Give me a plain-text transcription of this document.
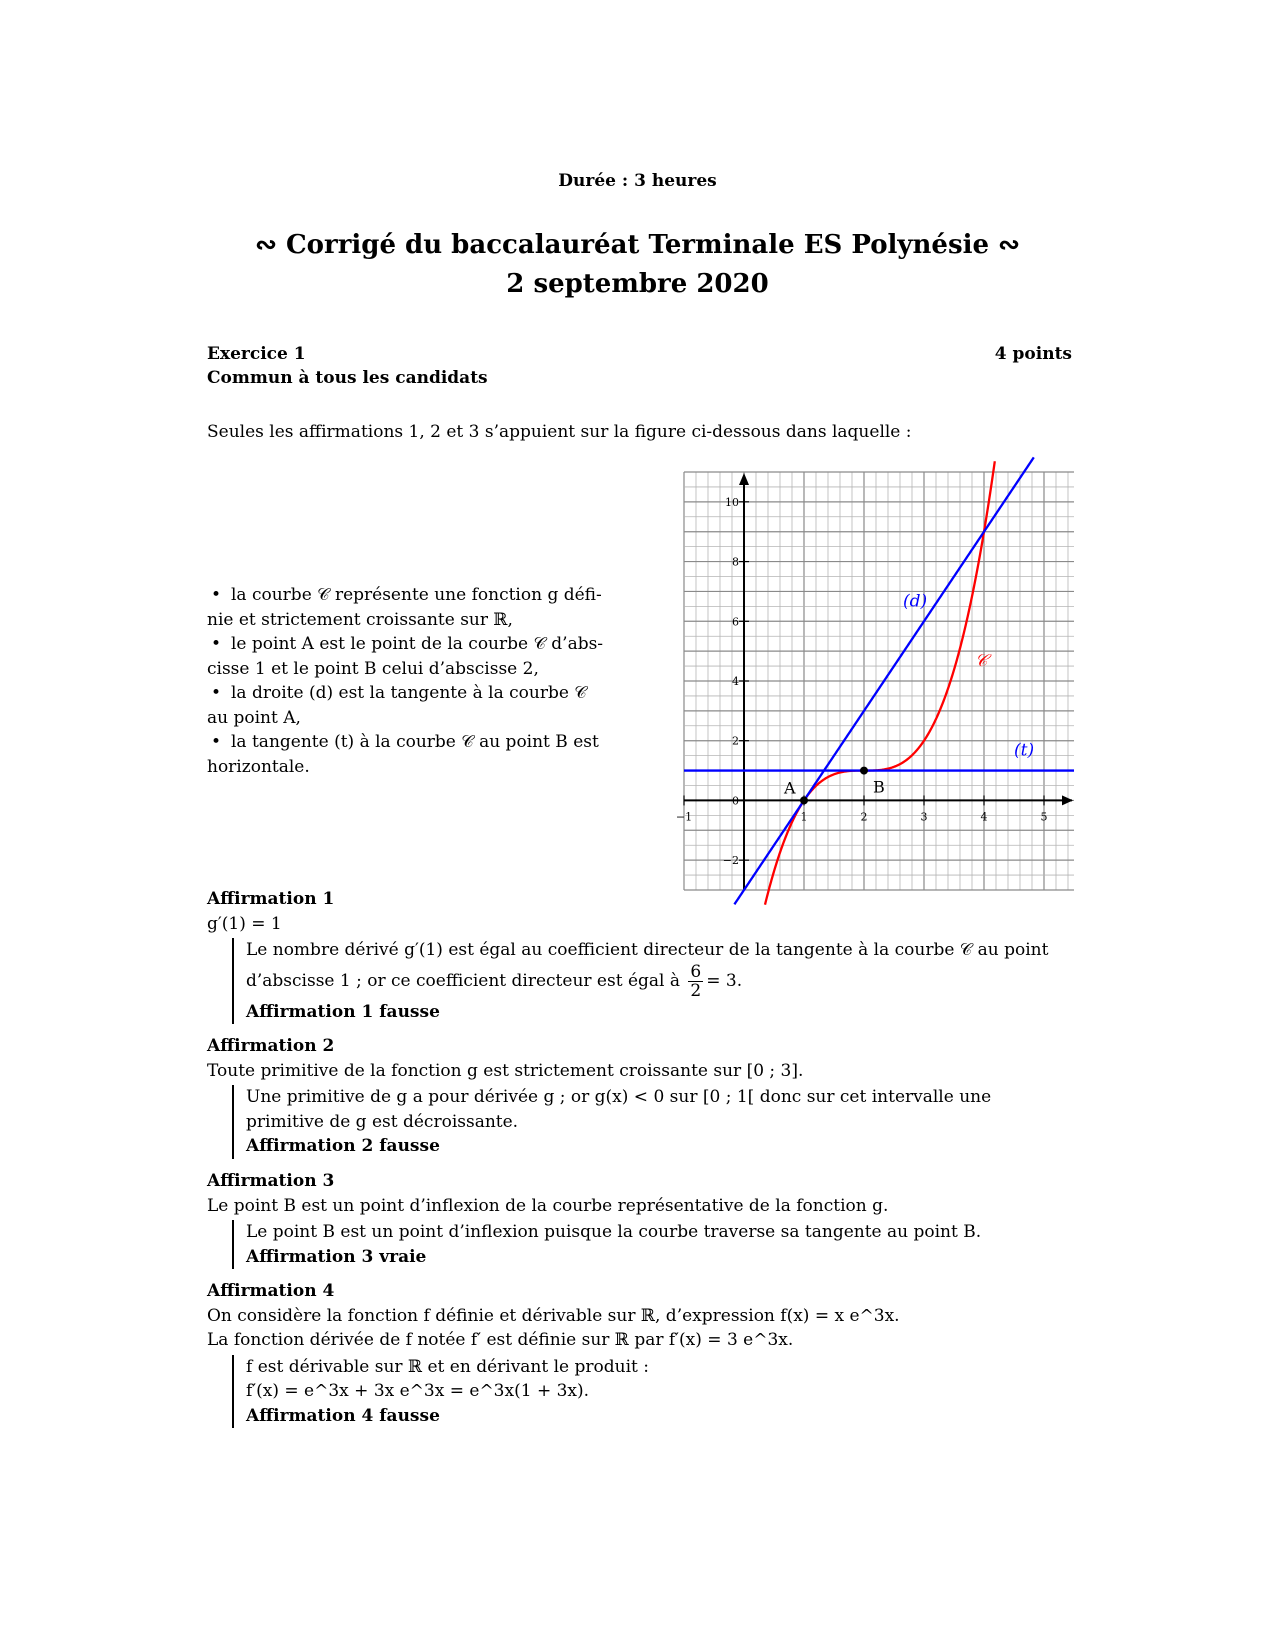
Durée : 3 heures
∾ Corrigé du baccalauréat Terminale ES Polynésie ∾
2 septembre 2020
Exercice 1	4 points
Commun à tous les candidats
Seules les affirmations 1, 2 et 3 s’appuient sur la figure ci-dessous dans laquelle :
• la courbe 𝒞 représente une fonction g défi-nie et strictement croissante sur ℝ,
• le point A est le point de la courbe 𝒞 d’abs-cisse 1 et le point B celui d’abscisse 2,
• la droite (d) est la tangente à la courbe 𝒞 au point A,
• la tangente (t) à la courbe 𝒞 au point B est horizontale.
−1	1	2	3	4	5
−2
0
2
4
6
8
10
𝒞
(d)
(t)
A	B
Affirmation 1
g′(1) = 1
Le nombre dérivé g′(1) est égal au coefficient directeur de la tangente à la courbe 𝒞 au point d’abscisse 1 ; or ce coefficient directeur est égal à $\frac{6}{2} = 3$.
Affirmation 1 fausse
Affirmation 2
Toute primitive de la fonction g est strictement croissante sur [0 ; 3].
Une primitive de g a pour dérivée g ; or g(x) < 0 sur [0 ; 1[ donc sur cet intervalle une primitive de g est décroissante.
Affirmation 2 fausse
Affirmation 3
Le point B est un point d’inflexion de la courbe représentative de la fonction g.
Le point B est un point d’inflexion puisque la courbe traverse sa tangente au point B.
Affirmation 3 vraie
Affirmation 4
On considère la fonction f définie et dérivable sur ℝ, d’expression f(x) = x e^3x.
La fonction dérivée de f notée f′ est définie sur ℝ par f′(x) = 3 e^3x.
f est dérivable sur ℝ et en dérivant le produit :
f′(x) = e^3x + 3x e^3x = e^3x(1 + 3x).
Affirmation 4 fausse
